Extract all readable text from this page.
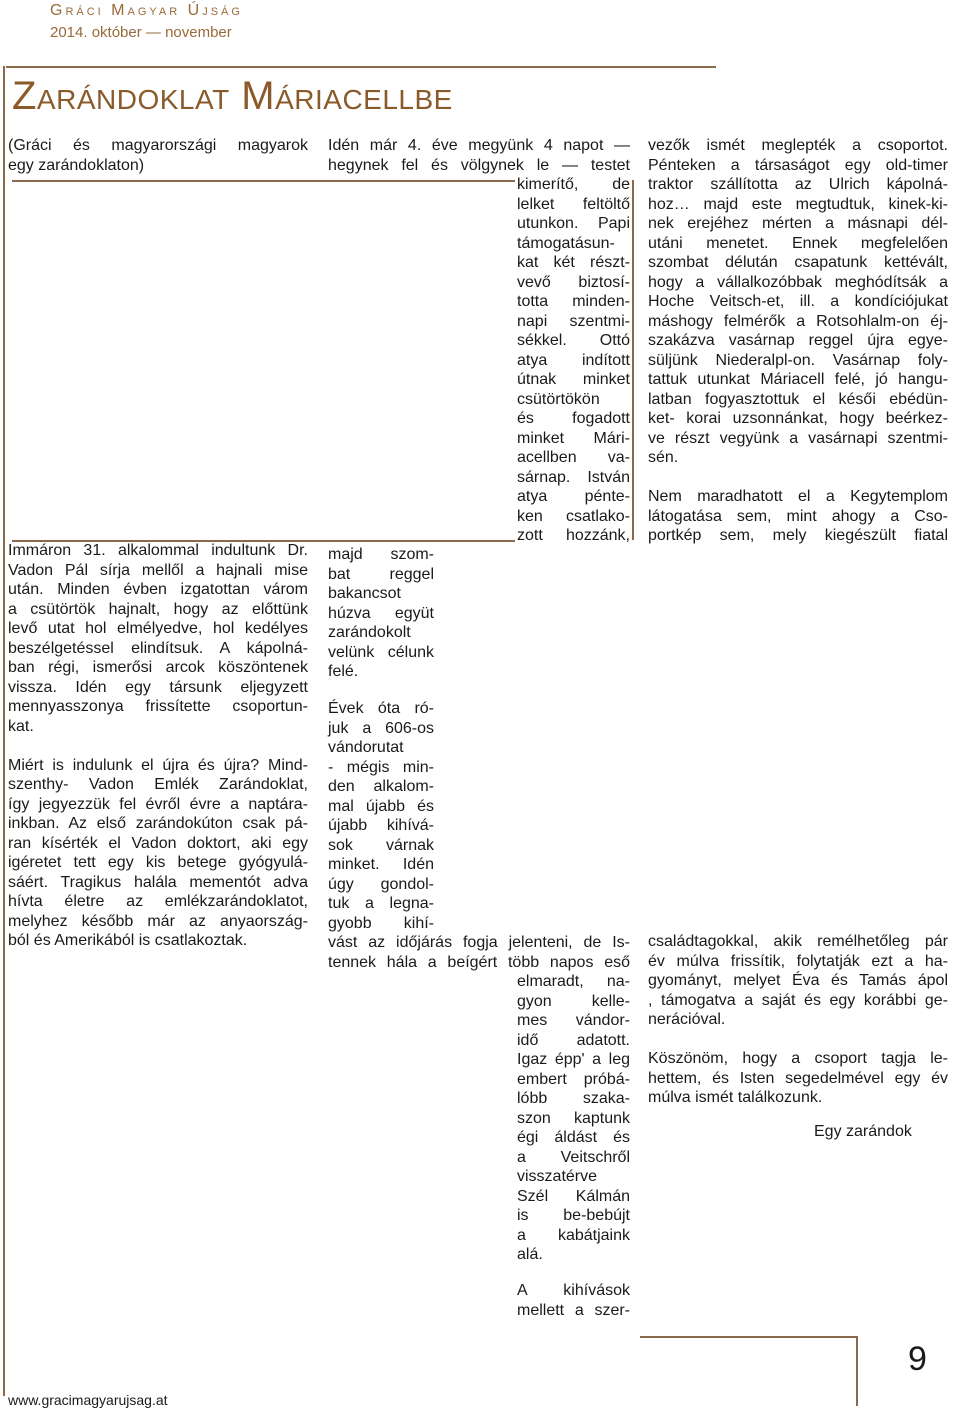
Gráci Magyar Újság
2014. október — november
Zarándoklat Máriacellbe
(Gráci és magyarországi magyarok
egy zarándoklaton)
Immáron 31. alkalommal indultunk Dr.
Vadon Pál sírja mellől a hajnali mise
után. Minden évben izgatottan várom
a csütörtök hajnalt, hogy az előttünk
levő utat hol elmélyedve, hol kedélyes
beszélgetéssel elindítsuk. A kápolná-
ban régi, ismerősi arcok köszöntenek
vissza. Idén egy társunk eljegyzett
mennyasszonya frissítette csoportun-
kat.
Miért is indulunk el újra és újra? Mind-
szenthy- Vadon Emlék Zarándoklat,
így jegyezzük fel évről évre a naptára-
inkban. Az első zarándokúton csak pá-
ran kísérték el Vadon doktort, aki egy
igéretet tett egy kis betege gyógyulá-
sáért. Tragikus halála mementót adva
hívta életre az emlékzarándoklatot,
melyhez később már az anyaország-
ból és Amerikából is csatlakoztak.
Idén már 4. éve megyünk 4 napot —
hegynek fel és völgynek le — testet
kimerítő, de
lelket feltöltő
utunkon. Papi
támogatásun-
kat két részt-
vevő biztosí-
totta minden-
napi szentmi-
sékkel. Ottó
atya indított
útnak minket
csütörtökön
és fogadott
minket Mári-
acellben va-
sárnap. István
atya pénte-
ken csatlako-
zott hozzánk,
majd szom-
bat reggel
bakancsot
húzva együt
zarándokolt
velünk célunk
felé.
Évek óta ró-
juk a 606-os
vándorutat
- mégis min-
den alkalom-
mal újabb és
újabb kihívá-
sok várnak
minket. Idén
úgy gondol-
tuk a legna-
gyobb kihí-
vást az időjárás fogja jelenteni, de Is-
tennek hála a beígért több napos eső
elmaradt, na-
gyon kelle-
mes vándor-
idő adatott.
Igaz épp' a leg
embert próbá-
lóbb szaka-
szon kaptunk
égi áldást és
a Veitschről
visszatérve
Szél Kálmán
is be-bebújt
a kabátjaink
alá.
A kihívások
mellett a szer-
vezők ismét meglepték a csoportot.
Pénteken a társaságot egy old-timer
traktor szállította az Ulrich kápolná-
hoz… majd este megtudtuk, kinek-ki-
nek erejéhez mérten a másnapi dél-
utáni menetet. Ennek megfelelően
szombat délután csapatunk kettévált,
hogy a vállalkozóbbak meghódítsák a
Hoche Veitsch-et, ill. a kondíciójukat
máshogy felmérők a Rotsohlalm-on éj-
szakázva vasárnap reggel újra egye-
süljünk Niederalpl-on. Vasárnap foly-
tattuk utunkat Máriacell felé, jó hangu-
latban fogyasztottuk el késői ebédün-
ket- korai uzsonnánkat, hogy beérkez-
ve részt vegyünk a vasárnapi szentmi-
sén.
Nem maradhatott el a Kegytemplom
látogatása sem, mint ahogy a Cso-
portkép sem, mely kiegészült fiatal
családtagokkal, akik remélhetőleg pár
év múlva frissítik, folytatják ezt a ha-
gyományt, melyet Éva és Tamás ápol
, támogatva a saját és egy korábbi ge-
nerációval.
Köszönöm, hogy a csoport tagja le-
hettem, és Isten segedelmével egy év
múlva ismét találkozunk.
Egy zarándok
www.gracimagyarujsag.at
9
